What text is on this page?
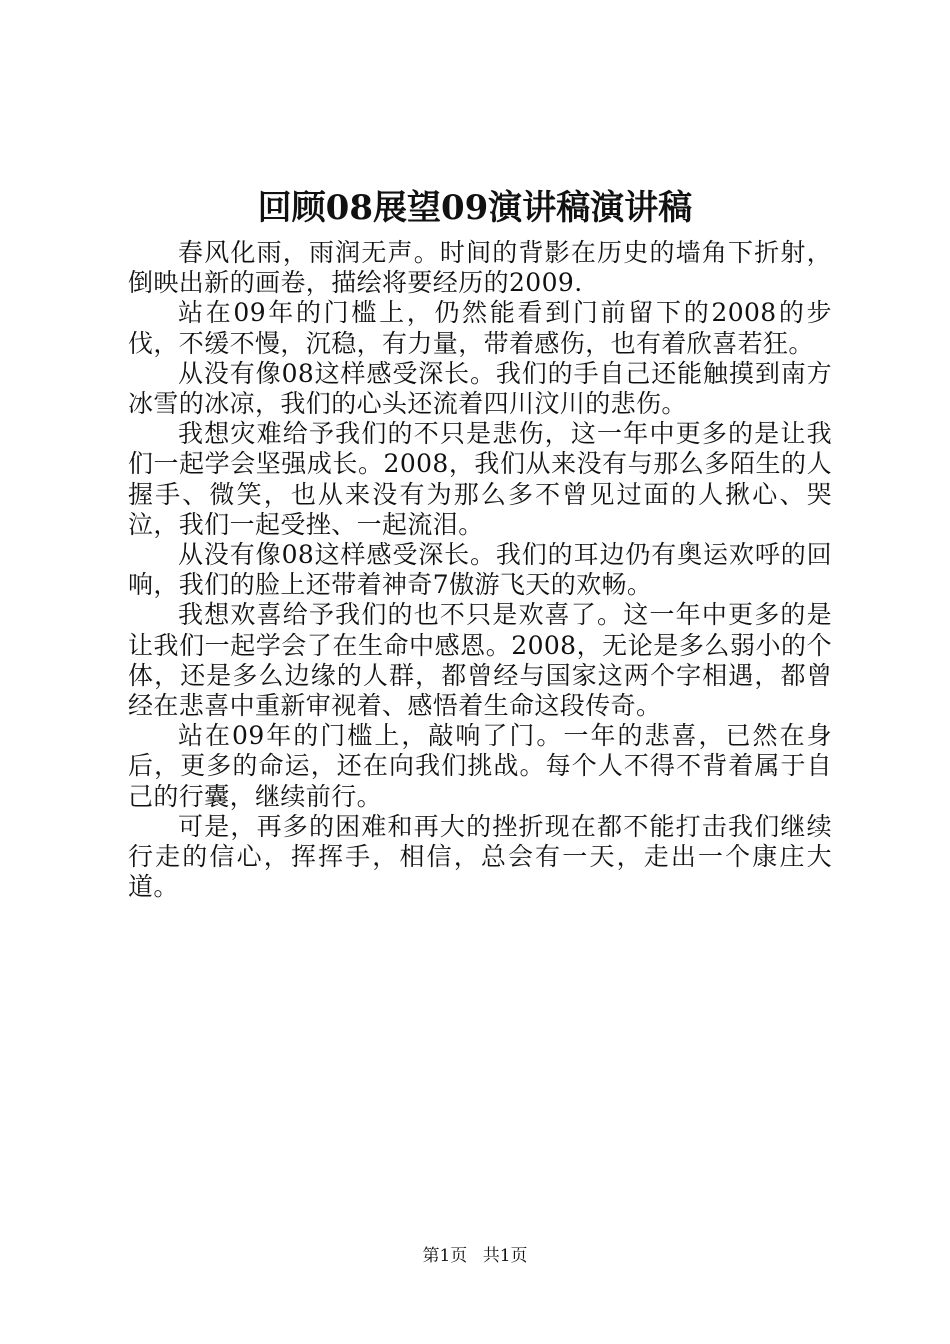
回顾08展望09演讲稿演讲稿

春风化雨，雨润无声。时间的背影在历史的墙角下折射，倒映出新的画卷，描绘将要经历的2009.

站在09年的门槛上，仍然能看到门前留下的2008的步伐，不缓不慢，沉稳，有力量，带着感伤，也有着欣喜若狂。

从没有像08这样感受深长。我们的手自己还能触摸到南方冰雪的冰凉，我们的心头还流着四川汶川的悲伤。

我想灾难给予我们的不只是悲伤，这一年中更多的是让我们一起学会坚强成长。2008，我们从来没有与那么多陌生的人握手、微笑，也从来没有为那么多不曾见过面的人揪心、哭泣，我们一起受挫、一起流泪。

从没有像08这样感受深长。我们的耳边仍有奥运欢呼的回响，我们的脸上还带着神奇7傲游飞天的欢畅。

我想欢喜给予我们的也不只是欢喜了。这一年中更多的是让我们一起学会了在生命中感恩。2008，无论是多么弱小的个体，还是多么边缘的人群，都曾经与国家这两个字相遇，都曾经在悲喜中重新审视着、感悟着生命这段传奇。

站在09年的门槛上，敲响了门。一年的悲喜，已然在身后，更多的命运，还在向我们挑战。每个人不得不背着属于自己的行囊，继续前行。

可是，再多的困难和再大的挫折现在都不能打击我们继续行走的信心，挥挥手，相信，总会有一天，走出一个康庄大道。

第1页 共1页
